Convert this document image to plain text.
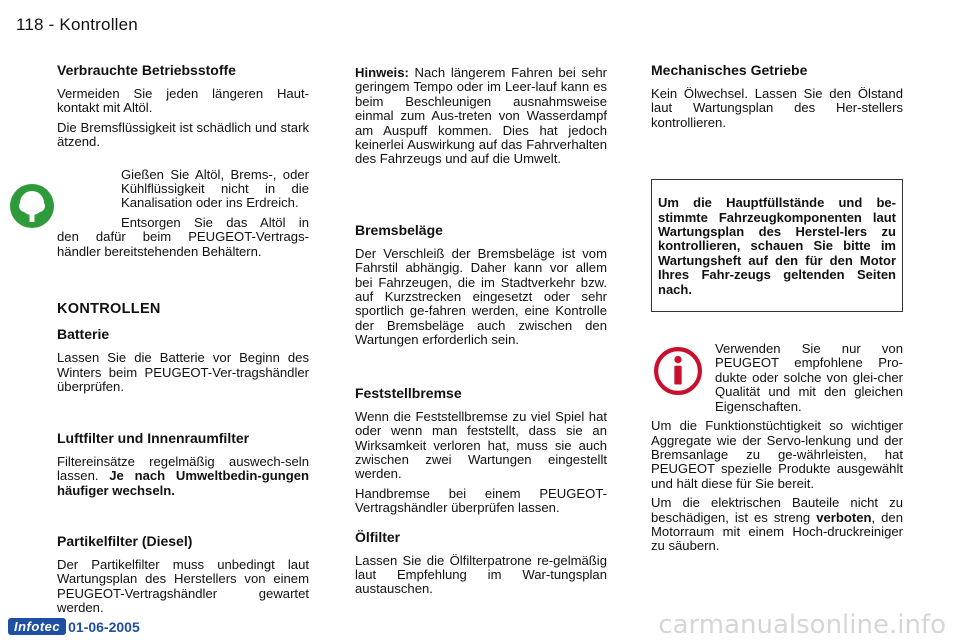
118 - Kontrollen
Verbrauchte Betriebsstoffe

Vermeiden Sie jeden längeren Haut-kontakt mit Altöl.

Die Bremsflüssigkeit ist schädlich und stark ätzend.

Gießen Sie Altöl, Brems-, oder Kühlflüssigkeit nicht in die Kanalisation oder ins Erdreich.

Entsorgen Sie das Altöl in

den dafür beim PEUGEOT-Vertrags-händler bereitstehenden Behältern.

KONTROLLEN
Batterie

Lassen Sie die Batterie vor Beginn des Winters beim PEUGEOT-Ver-tragshändler überprüfen.

Luftfilter und Innenraumfilter

Filtereinsätze regelmäßig auswech-seln lassen. Je nach Umweltbedin-gungen häufiger wechseln.

Partikelfilter (Diesel)

Der Partikelfilter muss unbedingt laut Wartungsplan des Herstellers von einem PEUGEOT-Vertragshändler gewartet werden.

Hinweis: Nach längerem Fahren bei sehr geringem Tempo oder im Leer-lauf kann es beim Beschleunigen ausnahmsweise einmal zum Aus-treten von Wasserdampf am Auspuff kommen. Dies hat jedoch keinerlei Auswirkung auf das Fahrverhalten des Fahrzeugs und auf die Umwelt.

Bremsbeläge

Der Verschleiß der Bremsbeläge ist vom Fahrstil abhängig. Daher kann vor allem bei Fahrzeugen, die im Stadtverkehr bzw. auf Kurzstrecken eingesetzt oder sehr sportlich ge-fahren werden, eine Kontrolle der Bremsbeläge auch zwischen den Wartungen erforderlich sein.

Feststellbremse

Wenn die Feststellbremse zu viel Spiel hat oder wenn man feststellt, dass sie an Wirksamkeit verloren hat, muss sie auch zwischen zwei Wartungen eingestellt werden.

Handbremse bei einem PEUGEOT-Vertragshändler überprüfen lassen.

Ölfilter

Lassen Sie die Ölfilterpatrone re-gelmäßig laut Empfehlung im War-tungsplan austauschen.

Mechanisches Getriebe

Kein Ölwechsel. Lassen Sie den Ölstand laut Wartungsplan des Her-stellers kontrollieren.

Um die Hauptfüllstände und be-stimmte Fahrzeugkomponenten laut Wartungsplan des Herstel-lers zu kontrollieren, schauen Sie bitte im Wartungsheft auf den für den Motor Ihres Fahr-zeugs geltenden Seiten nach.

Verwenden Sie nur von PEUGEOT empfohlene Pro-dukte oder solche von glei-cher Qualität und mit den gleichen Eigenschaften.

Um die Funktionstüchtigkeit so wichtiger Aggregate wie der Servo-lenkung und der Bremsanlage zu ge-währleisten, hat PEUGEOT spezielle Produkte ausgewählt und hält diese für Sie bereit.

Um die elektrischen Bauteile nicht zu beschädigen, ist es streng verboten, den Motorraum mit einem Hoch-druckreiniger zu säubern.

Infotec 01-06-2005	carmanualsonline.info
